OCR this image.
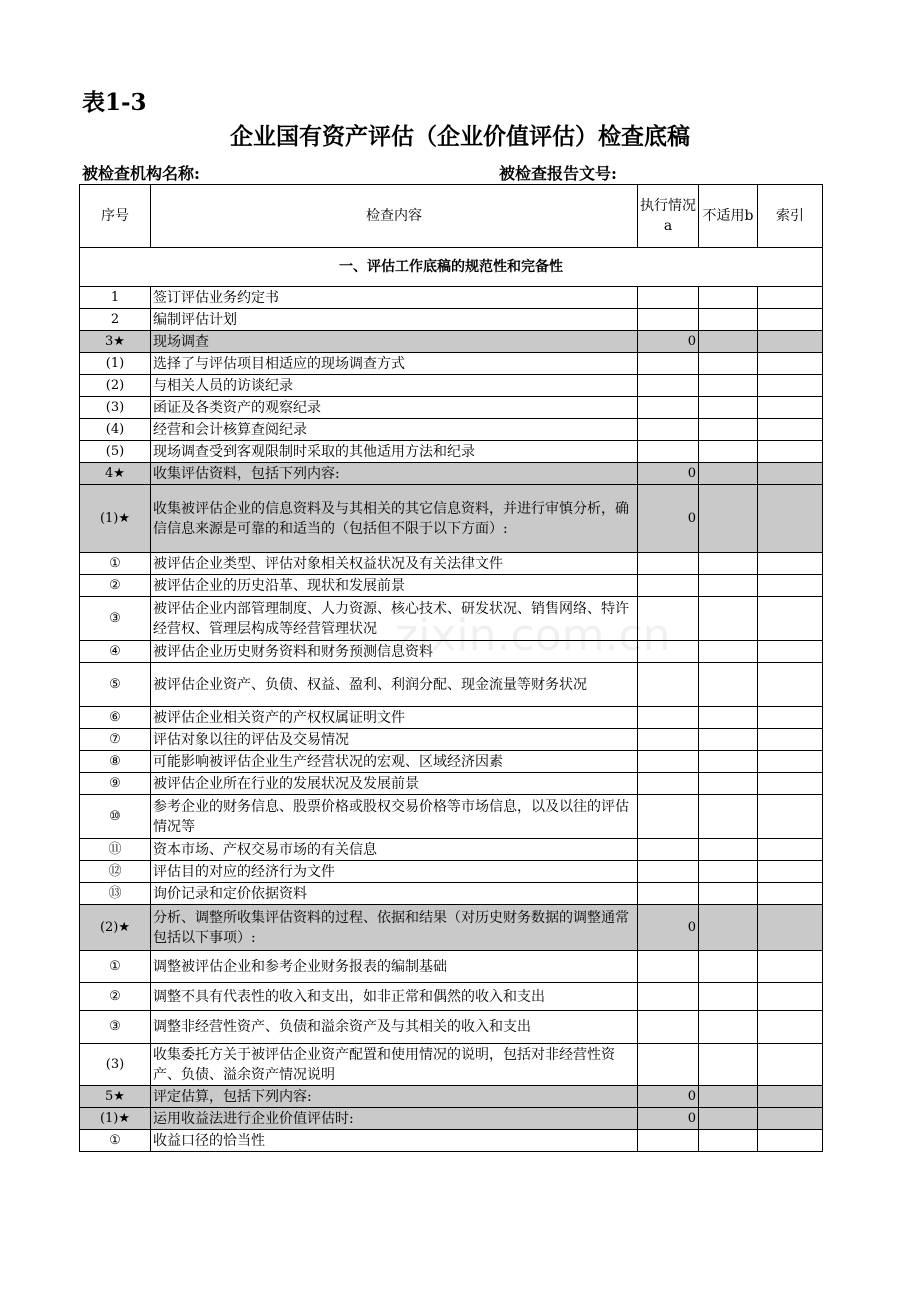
表1-3
企业国有资产评估（企业价值评估）检查底稿
被检查机构名称:	被检查报告文号:
序号	检查内容	执行情况a	不适用b	索引
一、评估工作底稿的规范性和完备性				
1	签订评估业务约定书			
2	编制评估计划			
3★	现场调查	0		
(1)	选择了与评估项目相适应的现场调查方式			
(2)	与相关人员的访谈纪录			
(3)	函证及各类资产的观察纪录			
(4)	经营和会计核算查阅纪录			
(5)	现场调查受到客观限制时采取的其他适用方法和纪录			
4★	收集评估资料，包括下列内容:	0		
(1)★	收集被评估企业的信息资料及与其相关的其它信息资料，并进行审慎分析，确信信息来源是可靠的和适当的（包括但不限于以下方面）:	0		
①	被评估企业类型、评估对象相关权益状况及有关法律文件			
②	被评估企业的历史沿革、现状和发展前景			
③	被评估企业内部管理制度、人力资源、核心技术、研发状况、销售网络、特许经营权、管理层构成等经营管理状况			
④	被评估企业历史财务资料和财务预测信息资料			
⑤	被评估企业资产、负债、权益、盈利、利润分配、现金流量等财务状况			
⑥	被评估企业相关资产的产权权属证明文件			
⑦	评估对象以往的评估及交易情况			
⑧	可能影响被评估企业生产经营状况的宏观、区域经济因素			
⑨	被评估企业所在行业的发展状况及发展前景			
⑩	参考企业的财务信息、股票价格或股权交易价格等市场信息，以及以往的评估情况等			
⑪	资本市场、产权交易市场的有关信息			
⑫	评估目的对应的经济行为文件			
⑬	询价记录和定价依据资料			
(2)★	分析、调整所收集评估资料的过程、依据和结果（对历史财务数据的调整通常包括以下事项）:	0		
①	调整被评估企业和参考企业财务报表的编制基础			
②	调整不具有代表性的收入和支出，如非正常和偶然的收入和支出			
③	调整非经营性资产、负债和溢余资产及与其相关的收入和支出			
(3)	收集委托方关于被评估企业资产配置和使用情况的说明，包括对非经营性资产、负债、溢余资产情况说明			
5★	评定估算，包括下列内容:	0		
(1)★	运用收益法进行企业价值评估时:	0		
①	收益口径的恰当性			
zixin.com.cn
